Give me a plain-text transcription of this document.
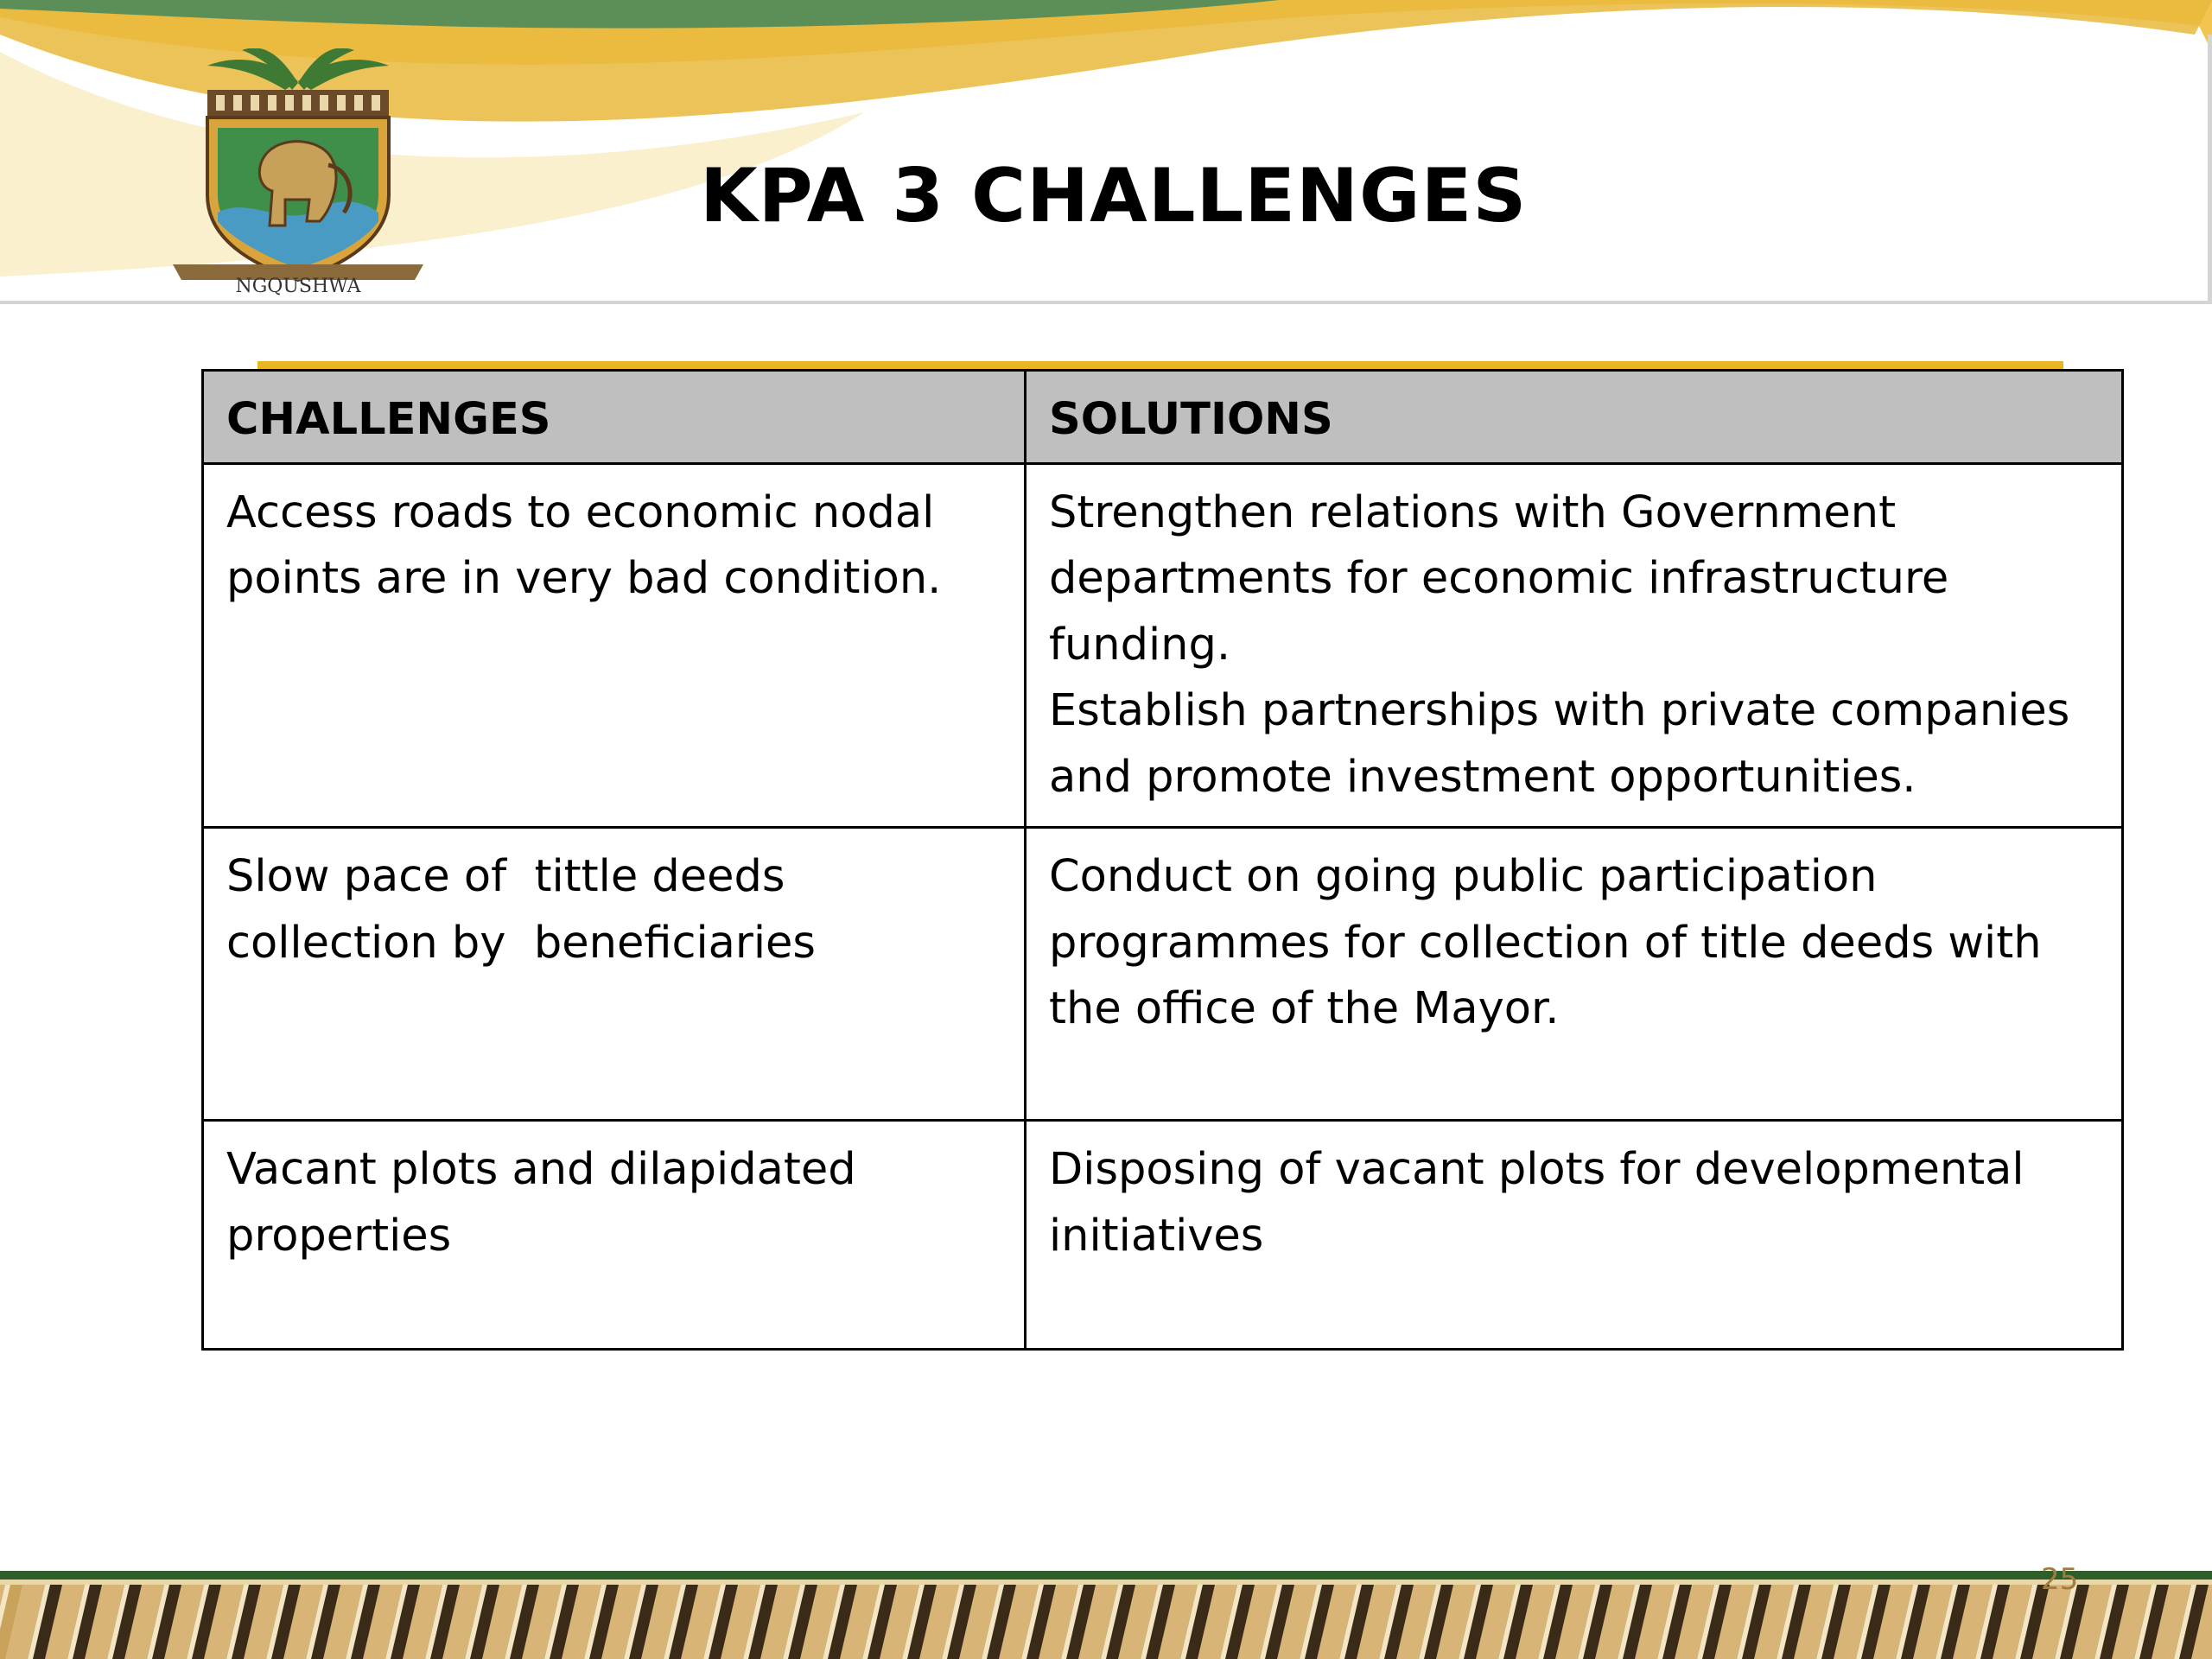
NGQUSHWA
KPA 3 CHALLENGES
CHALLENGES	SOLUTIONS
Access roads to economic nodal points are in very bad condition.	Strengthen relations with Government departments for economic infrastructure funding.
Establish partnerships with private companies and promote investment opportunities.

Slow pace of  tittle deeds collection by  beneficiaries	Conduct on going public participation programmes for collection of title deeds with the office of the Mayor.

Vacant plots and dilapidated properties	Disposing of vacant plots for developmental initiatives
25
